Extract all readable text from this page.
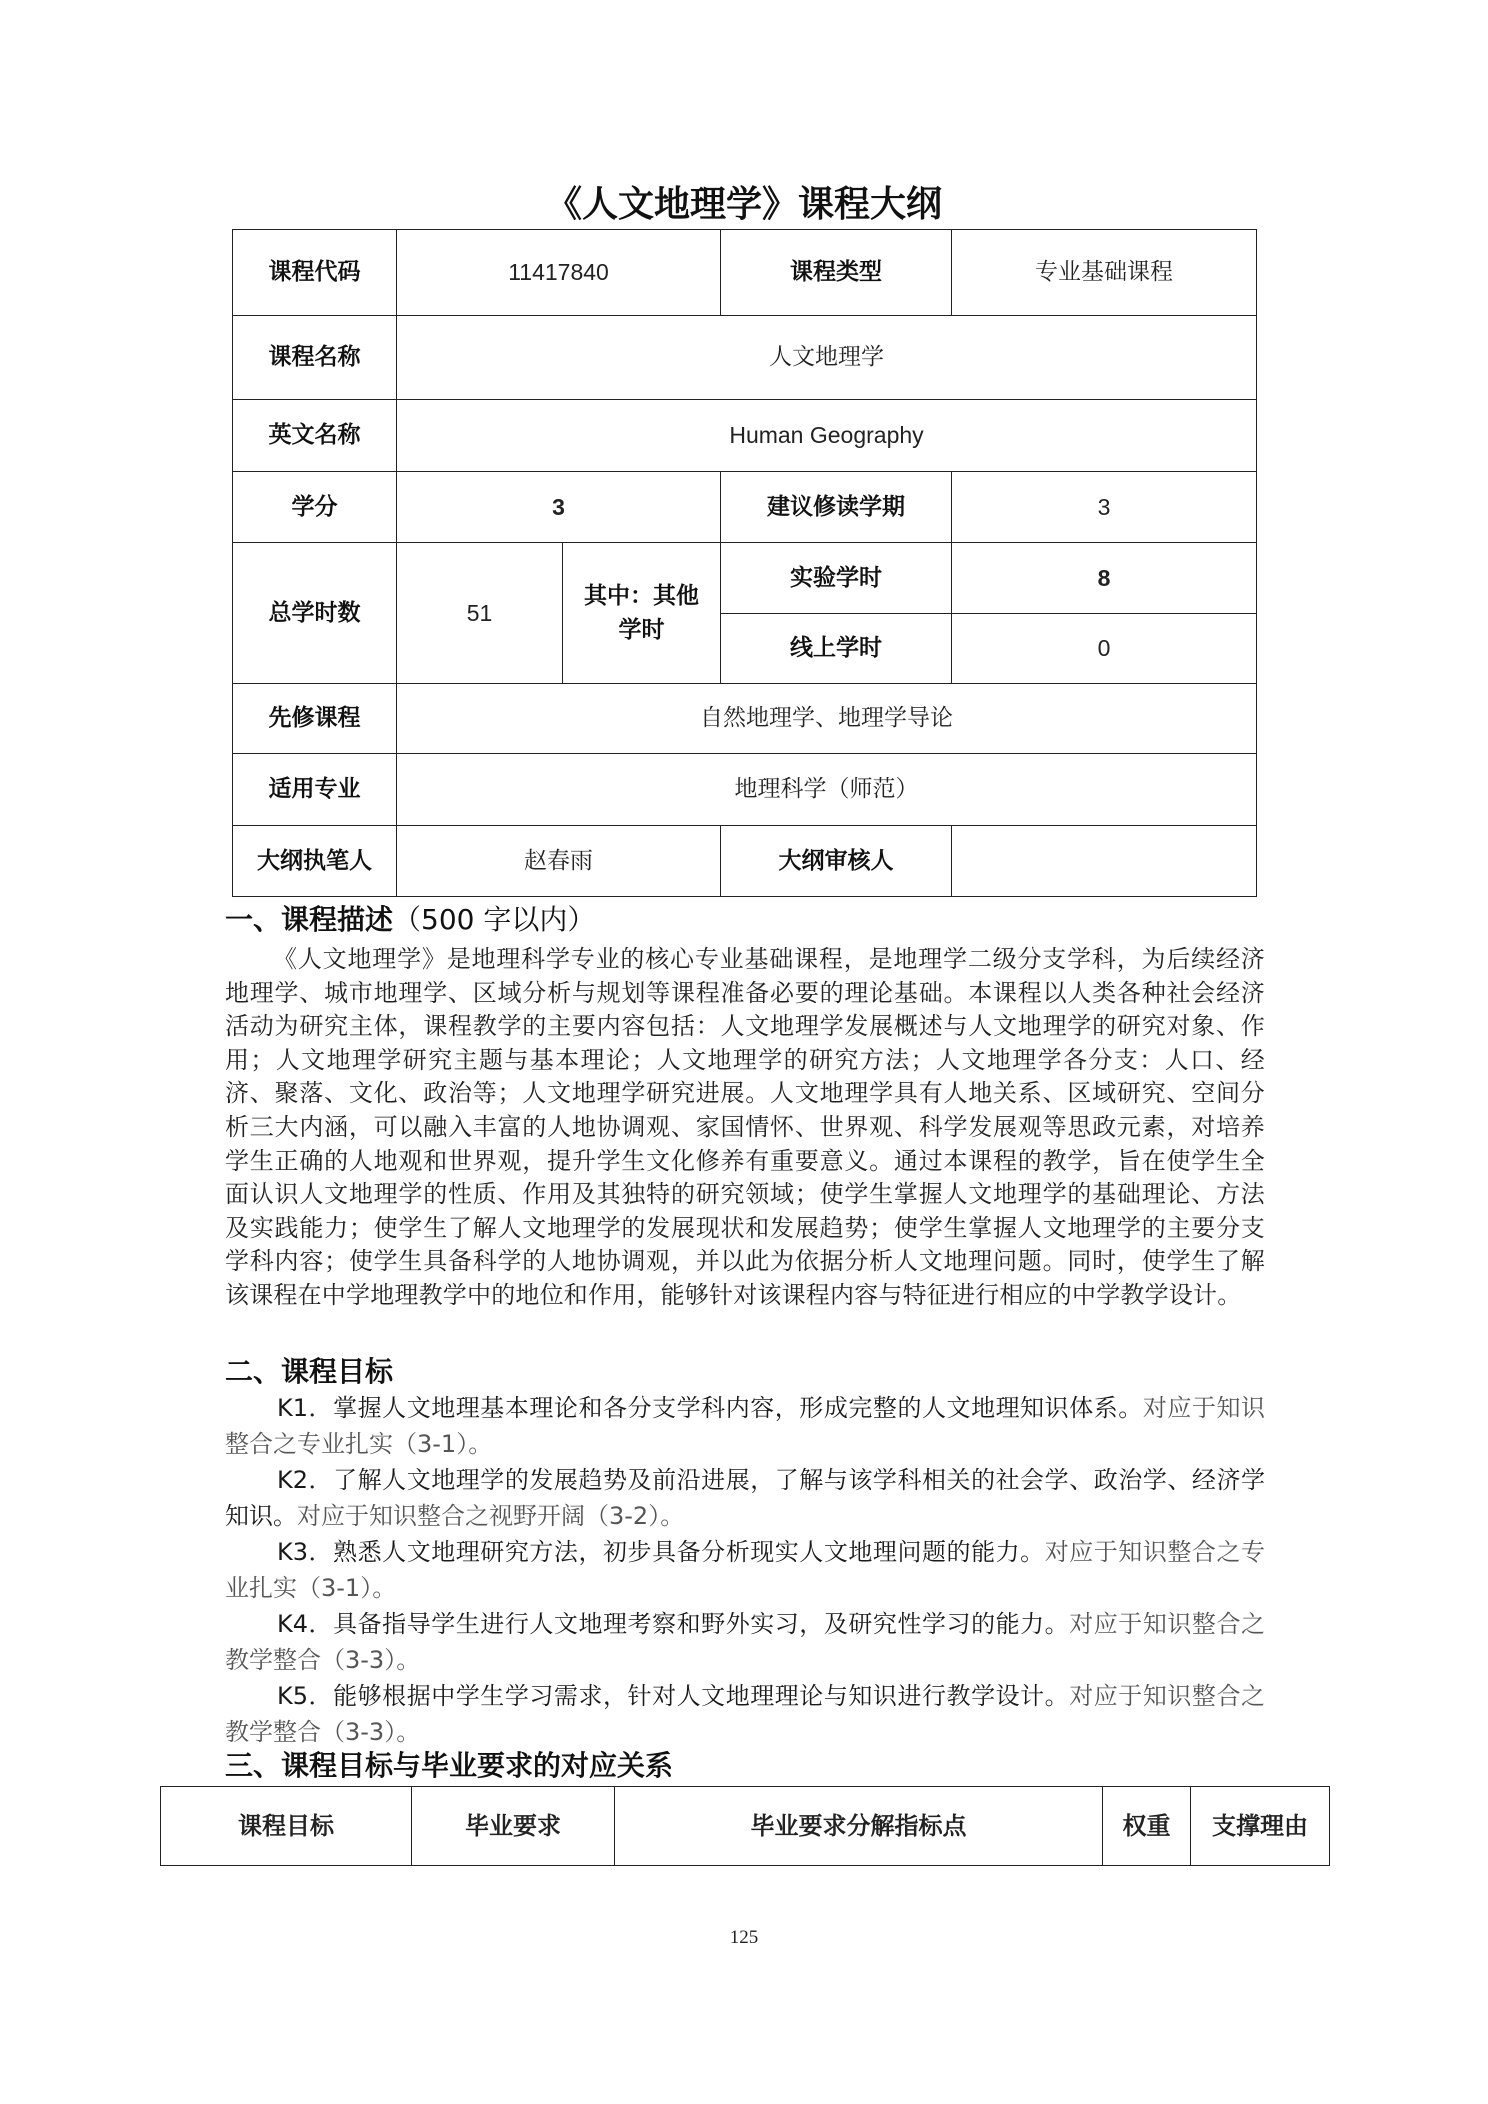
《人文地理学》课程大纲
课程代码	11417840		课程类型	专业基础课程
课程名称	人文地理学			
英文名称	Human Geography			
学分	3		建议修读学期	3
总学时数	51	其中：其他学时	实验学时	8
			线上学时	0
先修课程	自然地理学、地理学导论			
适用专业	地理科学（师范）			
大纲执笔人	赵春雨		大纲审核人	
一、课程描述（500 字以内）

《人文地理学》是地理科学专业的核心专业基础课程，是地理学二级分支学科，为后续经济地理学、城市地理学、区域分析与规划等课程准备必要的理论基础。本课程以人类各种社会经济活动为研究主体，课程教学的主要内容包括：人文地理学发展概述与人文地理学的研究对象、作用；人文地理学研究主题与基本理论；人文地理学的研究方法；人文地理学各分支：人口、经济、聚落、文化、政治等；人文地理学研究进展。人文地理学具有人地关系、区域研究、空间分析三大内涵，可以融入丰富的人地协调观、家国情怀、世界观、科学发展观等思政元素，对培养学生正确的人地观和世界观，提升学生文化修养有重要意义。通过本课程的教学，旨在使学生全面认识人文地理学的性质、作用及其独特的研究领域；使学生掌握人文地理学的基础理论、方法及实践能力；使学生了解人文地理学的发展现状和发展趋势；使学生掌握人文地理学的主要分支学科内容；使学生具备科学的人地协调观，并以此为依据分析人文地理问题。同时，使学生了解该课程在中学地理教学中的地位和作用，能够针对该课程内容与特征进行相应的中学教学设计。

二、课程目标

K1．掌握人文地理基本理论和各分支学科内容，形成完整的人文地理知识体系。对应于知识整合之专业扎实（3-1）。

K2．了解人文地理学的发展趋势及前沿进展，了解与该学科相关的社会学、政治学、经济学知识。对应于知识整合之视野开阔（3-2）。

K3．熟悉人文地理研究方法，初步具备分析现实人文地理问题的能力。对应于知识整合之专业扎实（3-1）。

K4．具备指导学生进行人文地理考察和野外实习，及研究性学习的能力。对应于知识整合之教学整合（3-3）。

K5．能够根据中学生学习需求，针对人文地理理论与知识进行教学设计。对应于知识整合之教学整合（3-3）。

三、课程目标与毕业要求的对应关系
课程目标	毕业要求	毕业要求分解指标点	权重	支撑理由
125
